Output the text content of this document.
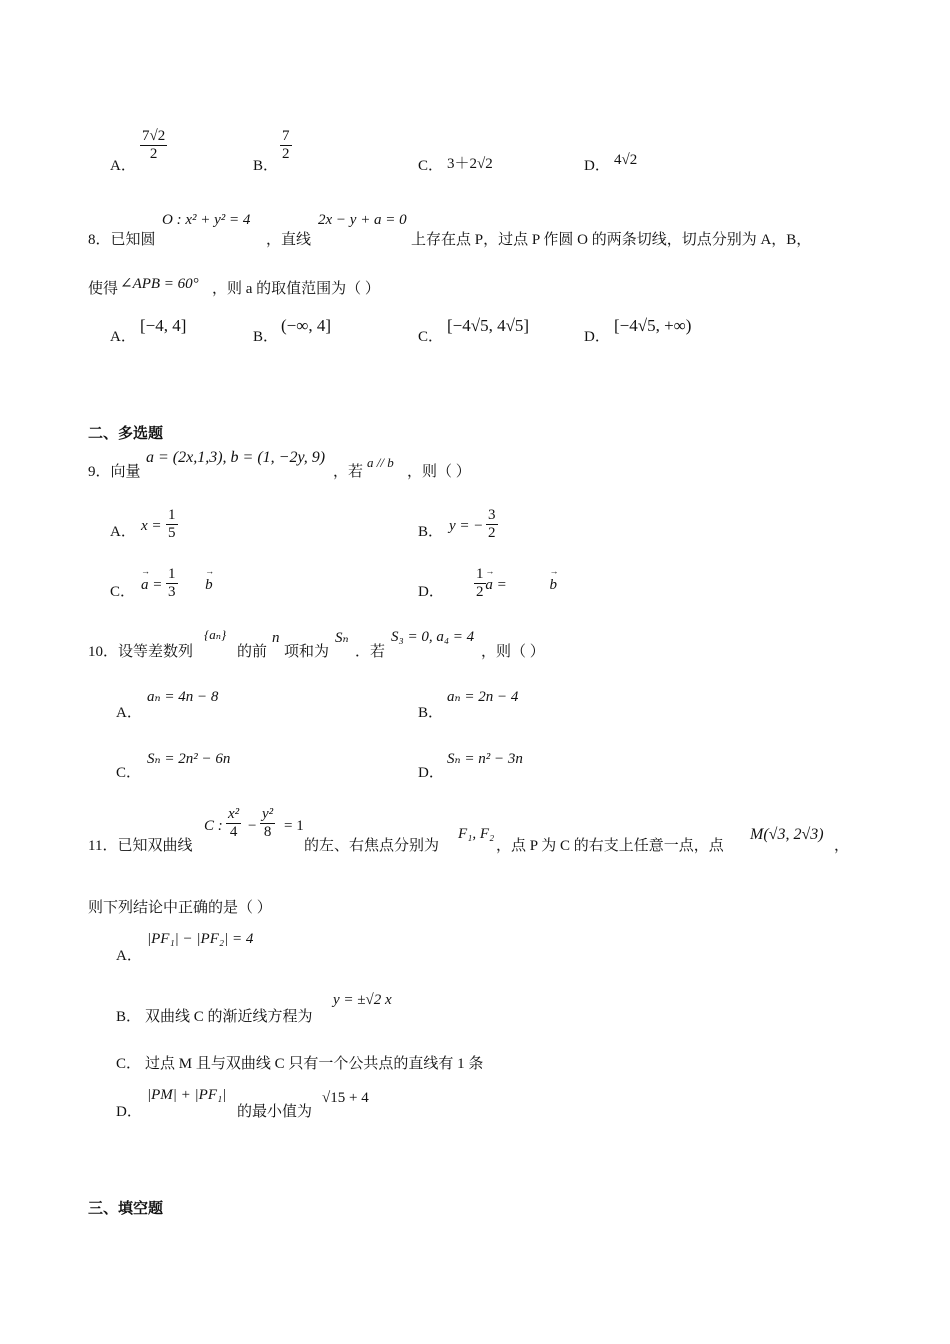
A．
$\frac{7√2}{2}$
B．
$\frac{7}{2}$
C． 3＋2√2	D． 4√2
8．已知圆
O : x² + y² = 4
，直线
2x − y + a = 0
上存在点 P，过点 P 作圆 O 的两条切线，切点分别为 A，B，
使得 ∠APB = 60° ，则 a 的取值范围为（ ）
A．
[−4, 4]
B．
(−∞, 4]
C．
[−4√5, 4√5]
D．
[−4√5, +∞)
二、多选题
9．向量
a = (2x,1,3), b = (1, −2y, 9)
，若
a // b
，则（ ）
A． $x = \frac{1}{5}$	B． y = − $\frac{3}{2}$
C． → $a = \frac{1}{3} \to b$	D．	→ a =
$\frac{1}{2}$	→ b
10．设等差数列
{aₙ}
的前
n
项和为
Sₙ
．若
S₃ = 0, a₄ = 4
，则（ ）
A．
aₙ = 4n − 8
B．
aₙ = 2n − 4
C．
Sₙ = 2n² − 6n
D．
Sₙ = n² − 3n
11．已知双曲线
C : $\frac{\text{x²}}{4} - \frac{\text{y²}}{8} = 1$
的左、右焦点分别为
F₁, F₂
，点 P 为 C 的右支上任意一点，点
M(√3, 2√3)
，
则下列结论中正确的是（ ）
A．
|PF₁| − |PF₂| = 4
B． 双曲线 C 的渐近线方程为
y = ±√2 x
C． 过点 M 且与双曲线 C 只有一个公共点的直线有 1 条
D．
|PM| + |PF₁|
的最小值为
√15 + 4
三、填空题
